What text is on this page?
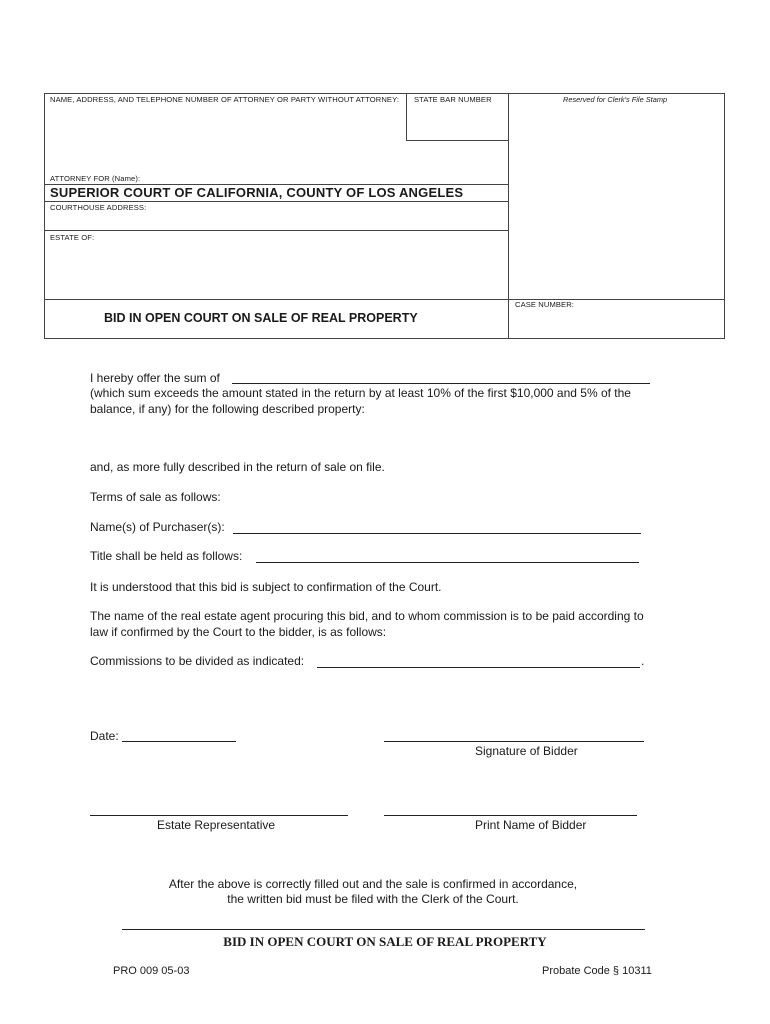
NAME, ADDRESS, AND TELEPHONE NUMBER OF ATTORNEY OR PARTY WITHOUT ATTORNEY: STATE BAR NUMBER	Reserved for Clerk's File Stamp
ATTORNEY FOR (Name):
SUPERIOR COURT OF CALIFORNIA, COUNTY OF LOS ANGELES
COURTHOUSE ADDRESS:
ESTATE OF:
BID IN OPEN COURT ON SALE OF REAL PROPERTY
CASE NUMBER:
I hereby offer the sum of
(which sum exceeds the amount stated in the return by at least 10% of the first $10,000 and 5% of the
balance, if any) for the following described property:
and, as more fully described in the return of sale on file.
Terms of sale as follows:
Name(s) of Purchaser(s):
Title shall be held as follows:
It is understood that this bid is subject to confirmation of the Court.
The name of the real estate agent procuring this bid, and to whom commission is to be paid according to
law if confirmed by the Court to the bidder, is as follows:
Commissions to be divided as indicated:	.
Date:
Signature of Bidder
Estate Representative	Print Name of Bidder
After the above is correctly filled out and the sale is confirmed in accordance,
the written bid must be filed with the Clerk of the Court.
BID IN OPEN COURT ON SALE OF REAL PROPERTY
PRO 009 05-03	Probate Code § 10311
